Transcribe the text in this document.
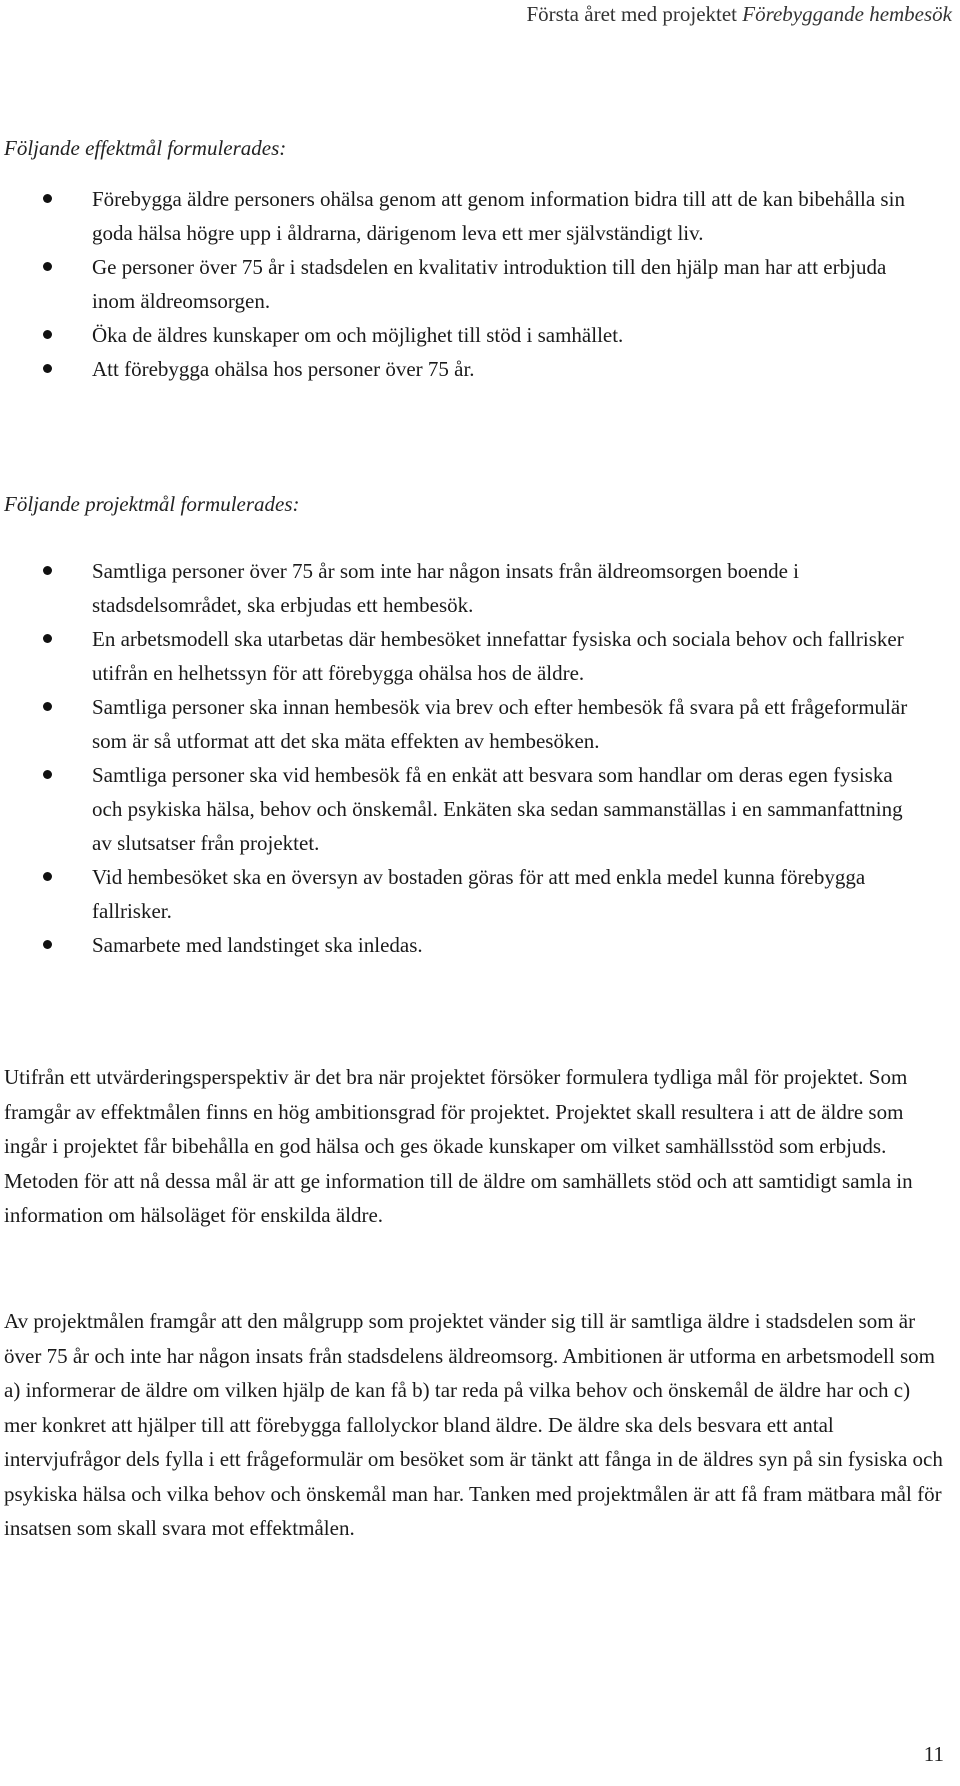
Första året med projektet Förebyggande hembesök
Följande effektmål formulerades:
Förebygga äldre personers ohälsa genom att genom information bidra till att de kan bibehålla sin goda hälsa högre upp i åldrarna, därigenom leva ett mer självständigt liv.
Ge personer över 75 år i stadsdelen en kvalitativ introduktion till den hjälp man har att erbjuda inom äldreomsorgen.
Öka de äldres kunskaper om och möjlighet till stöd i samhället.
Att förebygga ohälsa hos personer över 75 år.
Följande projektmål formulerades:
Samtliga personer över 75 år som inte har någon insats från äldreomsorgen boende i stadsdelsområdet, ska erbjudas ett hembesök.
En arbetsmodell ska utarbetas där hembesöket innefattar fysiska och sociala behov och fallrisker utifrån en helhetssyn för att förebygga ohälsa hos de äldre.
Samtliga personer ska innan hembesök via brev och efter hembesök få svara på ett frågeformulär som är så utformat att det ska mäta effekten av hembesöken.
Samtliga personer ska vid hembesök få en enkät att besvara som handlar om deras egen fysiska och psykiska hälsa, behov och önskemål. Enkäten ska sedan sammanställas i en sammanfattning av slutsatser från projektet.
Vid hembesöket ska en översyn av bostaden göras för att med enkla medel kunna förebygga fallrisker.
Samarbete med landstinget ska inledas.

Utifrån ett utvärderingsperspektiv är det bra när projektet försöker formulera tydliga mål för projektet. Som framgår av effektmålen finns en hög ambitionsgrad för projektet. Projektet skall resultera i att de äldre som ingår i projektet får bibehålla en god hälsa och ges ökade kunskaper om vilket samhällsstöd som erbjuds. Metoden för att nå dessa mål är att ge information till de äldre om samhällets stöd och att samtidigt samla in information om hälsoläget för enskilda äldre.

Av projektmålen framgår att den målgrupp som projektet vänder sig till är samtliga äldre i stadsdelen som är över 75 år och inte har någon insats från stadsdelens äldreomsorg. Ambitionen är utforma en arbetsmodell som a) informerar de äldre om vilken hjälp de kan få b) tar reda på vilka behov och önskemål de äldre har och c) mer konkret att hjälper till att förebygga fallolyckor bland äldre. De äldre ska dels besvara ett antal intervjufrågor dels fylla i ett frågeformulär om besöket som är tänkt att fånga in de äldres syn på sin fysiska och psykiska hälsa och vilka behov och önskemål man har. Tanken med projektmålen är att få fram mätbara mål för insatsen som skall svara mot effektmålen.

11
